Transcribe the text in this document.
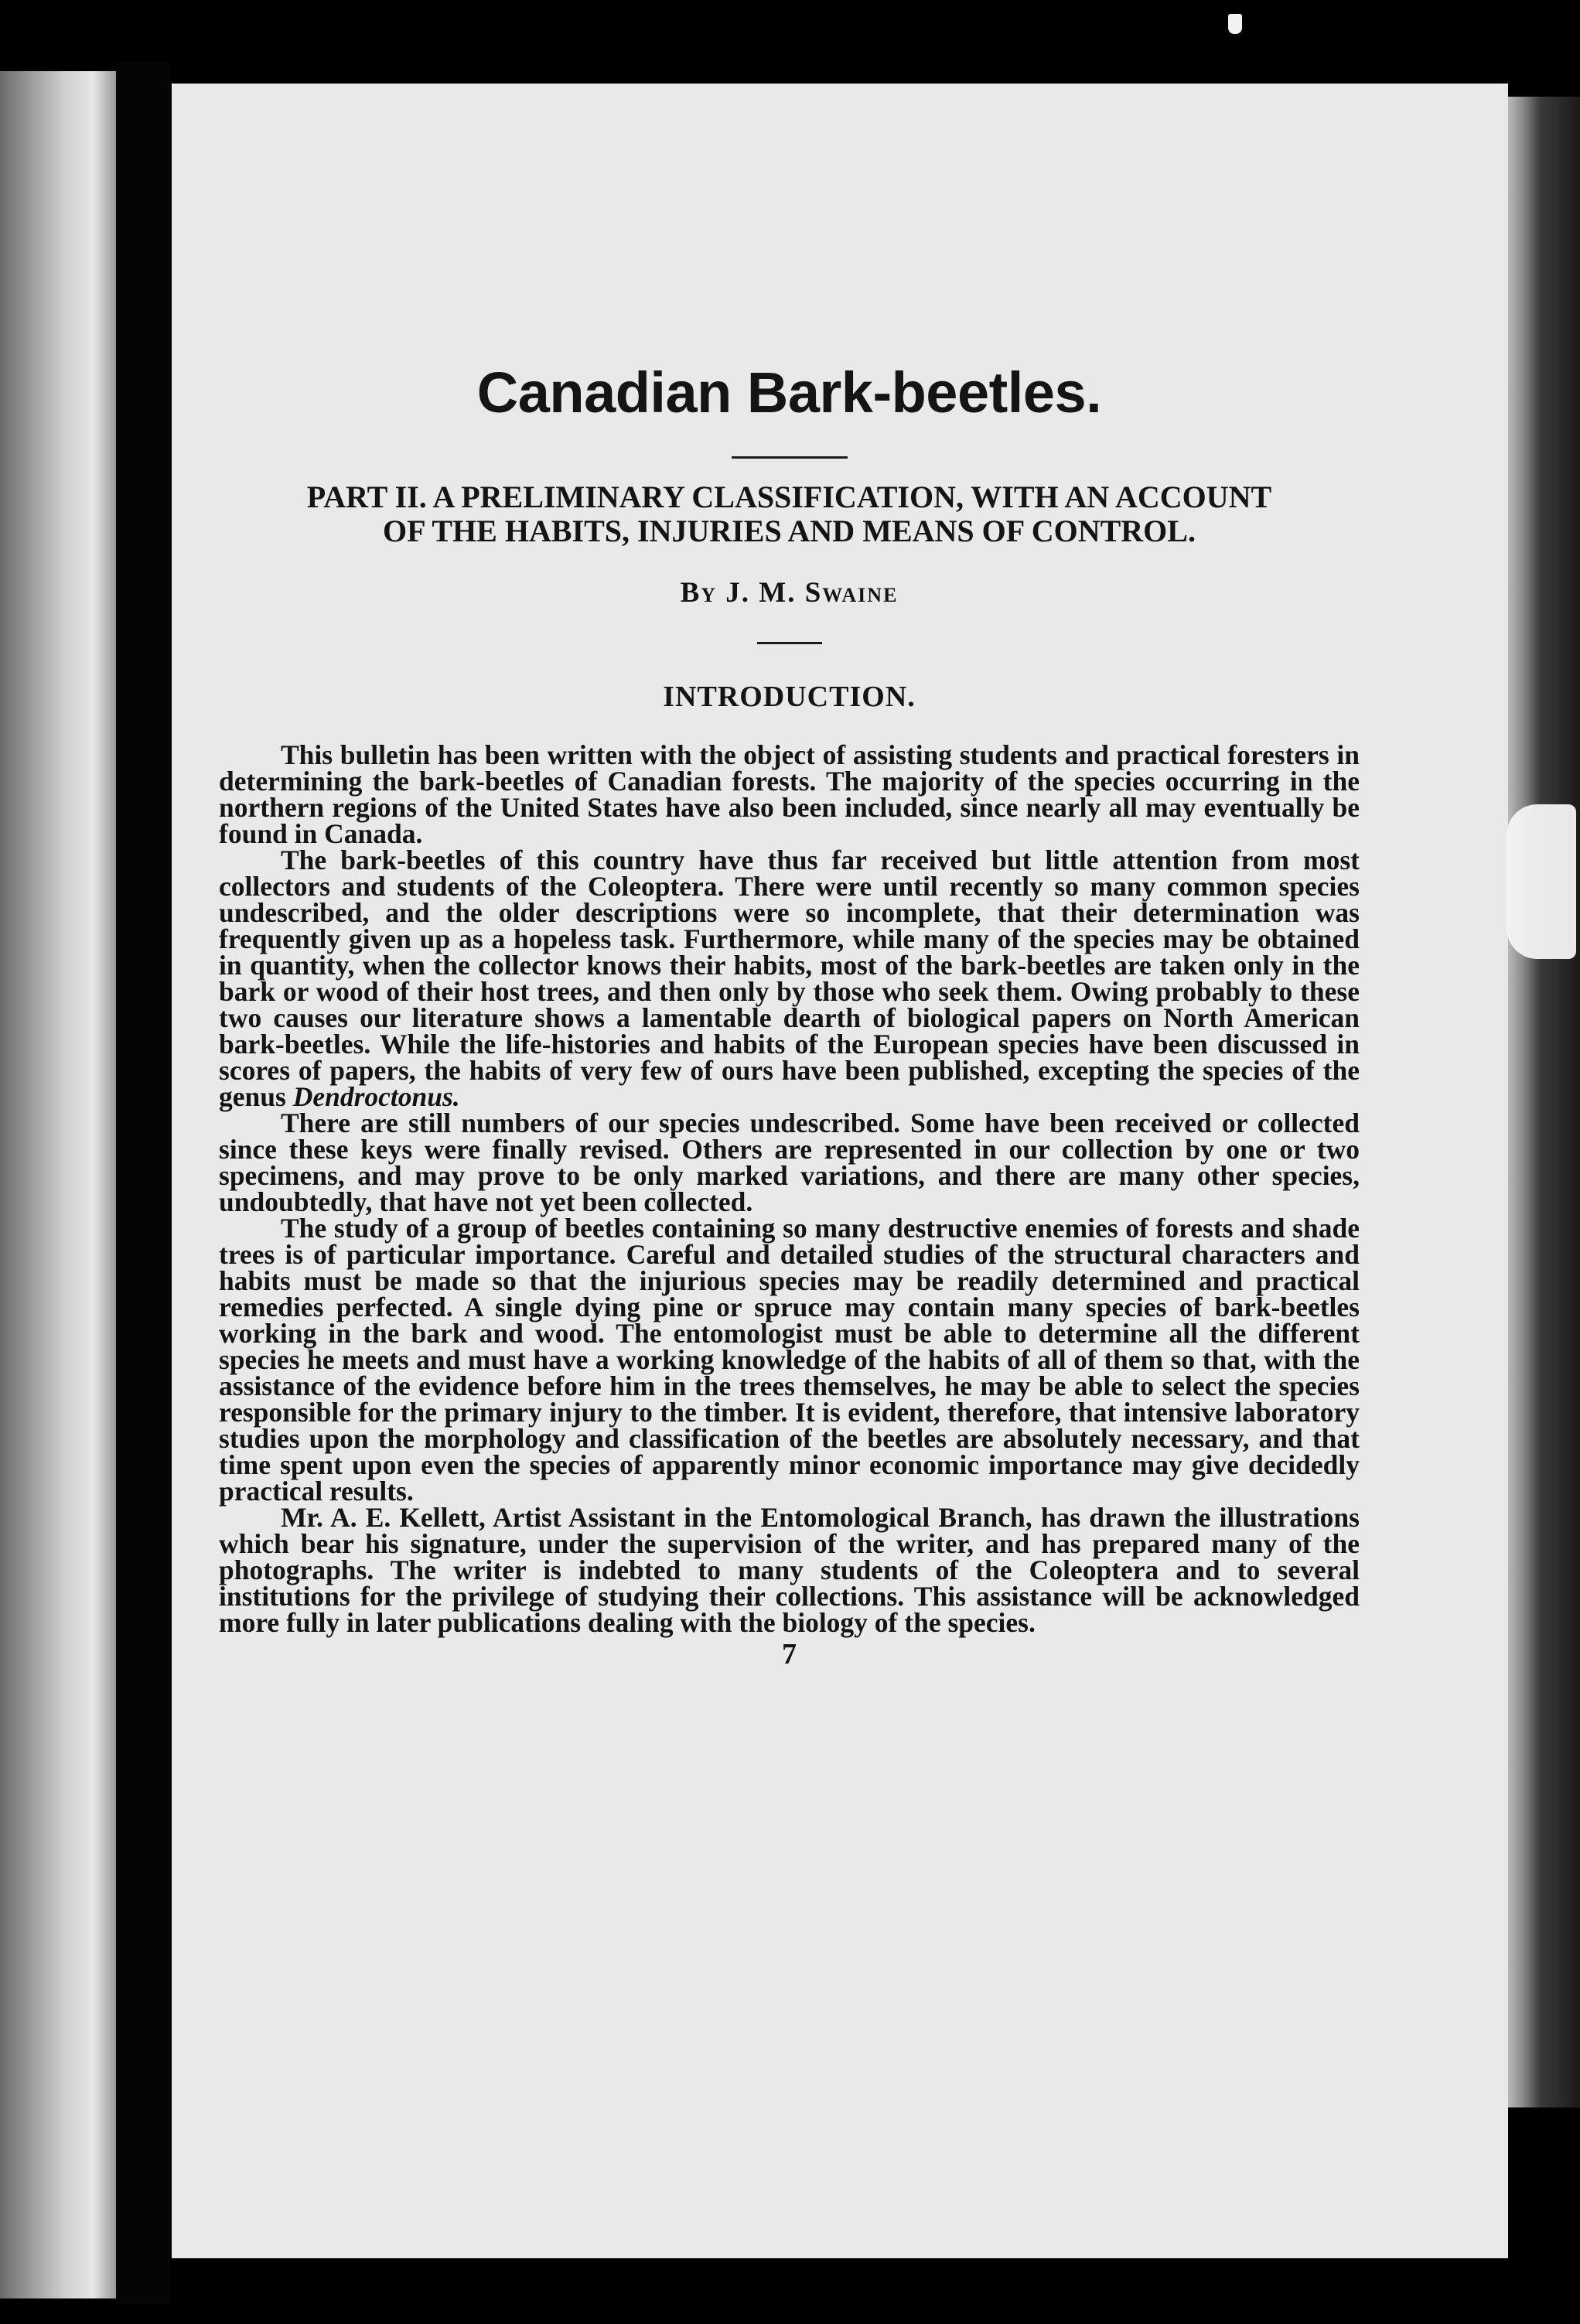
Canadian Bark-beetles.
PART II. A PRELIMINARY CLASSIFICATION, WITH AN ACCOUNT
OF THE HABITS, INJURIES AND MEANS OF CONTROL.

By J. M. Swaine

INTRODUCTION.

This bulletin has been written with the object of assisting students and practical foresters in determining the bark-beetles of Canadian forests. The majority of the species occurring in the northern regions of the United States have also been included, since nearly all may eventually be found in Canada.

The bark-beetles of this country have thus far received but little attention from most collectors and students of the Coleoptera. There were until recently so many common species undescribed, and the older descriptions were so incomplete, that their determination was frequently given up as a hopeless task. Furthermore, while many of the species may be obtained in quantity, when the collector knows their habits, most of the bark-beetles are taken only in the bark or wood of their host trees, and then only by those who seek them. Owing probably to these two causes our literature shows a lamentable dearth of biological papers on North American bark-beetles. While the life-histories and habits of the European species have been discussed in scores of papers, the habits of very few of ours have been published, excepting the species of the genus Dendroctonus.

There are still numbers of our species undescribed. Some have been received or collected since these keys were finally revised. Others are represented in our collection by one or two specimens, and may prove to be only marked variations, and there are many other species, undoubtedly, that have not yet been collected.

The study of a group of beetles containing so many destructive enemies of forests and shade trees is of particular importance. Careful and detailed studies of the structural characters and habits must be made so that the injurious species may be readily determined and practical remedies perfected. A single dying pine or spruce may contain many species of bark-beetles working in the bark and wood. The entomologist must be able to determine all the different species he meets and must have a working knowledge of the habits of all of them so that, with the assistance of the evidence before him in the trees themselves, he may be able to select the species responsible for the primary injury to the timber. It is evident, therefore, that intensive laboratory studies upon the morphology and classification of the beetles are absolutely necessary, and that time spent upon even the species of apparently minor economic importance may give decidedly practical results.

Mr. A. E. Kellett, Artist Assistant in the Entomological Branch, has drawn the illustrations which bear his signature, under the supervision of the writer, and has prepared many of the photographs. The writer is indebted to many students of the Coleoptera and to several institutions for the privilege of studying their collections. This assistance will be acknowledged more fully in later publications dealing with the biology of the species.

7
